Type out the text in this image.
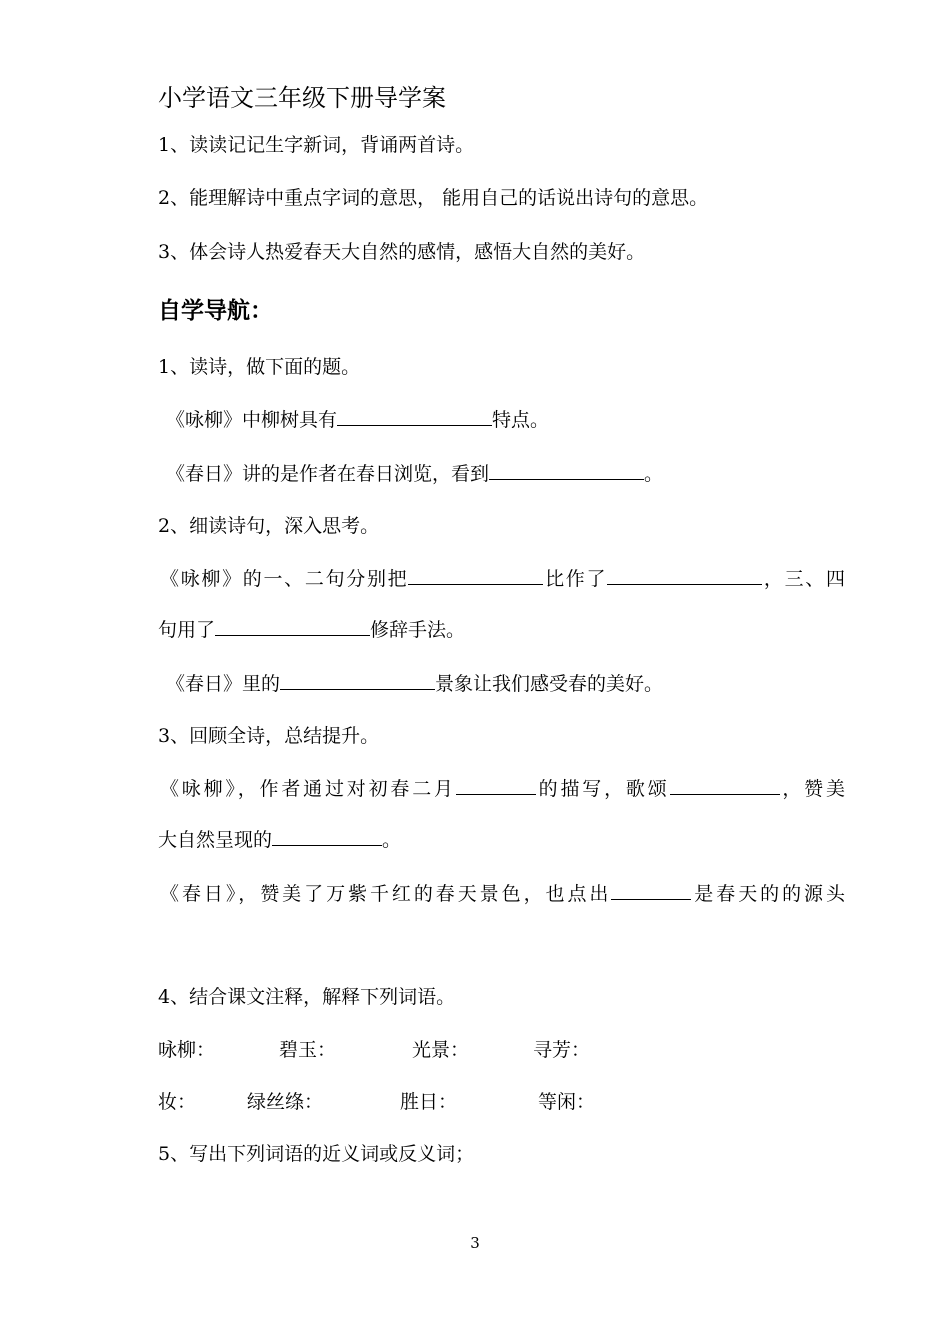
小学语文三年级下册导学案
1、读读记记生字新词，背诵两首诗。
2、能理解诗中重点字词的意思， 能用自己的话说出诗句的意思。
3、体会诗人热爱春天大自然的感情，感悟大自然的美好。
自学导航：
1、读诗，做下面的题。
《咏柳》中柳树具有	特点。
《春日》讲的是作者在春日浏览，看到	。
2、细读诗句，深入思考。
《咏柳》的一、二句分别把	比作了	，三、四
句用了	修辞手法。
《春日》里的	景象让我们感受春的美好。
3、回顾全诗，总结提升。
《咏柳》，作者通过对初春二月	的描写，歌颂	，赞美
大自然呈现的	。
《春日》，赞美了万紫千红的春天景色，也点出	是春天的的源头
4、结合课文注释，解释下列词语。
咏柳：	碧玉：	光景：	寻芳：
妆：	绿丝绦：	胜日：	等闲：
5、写出下列词语的近义词或反义词；
3
